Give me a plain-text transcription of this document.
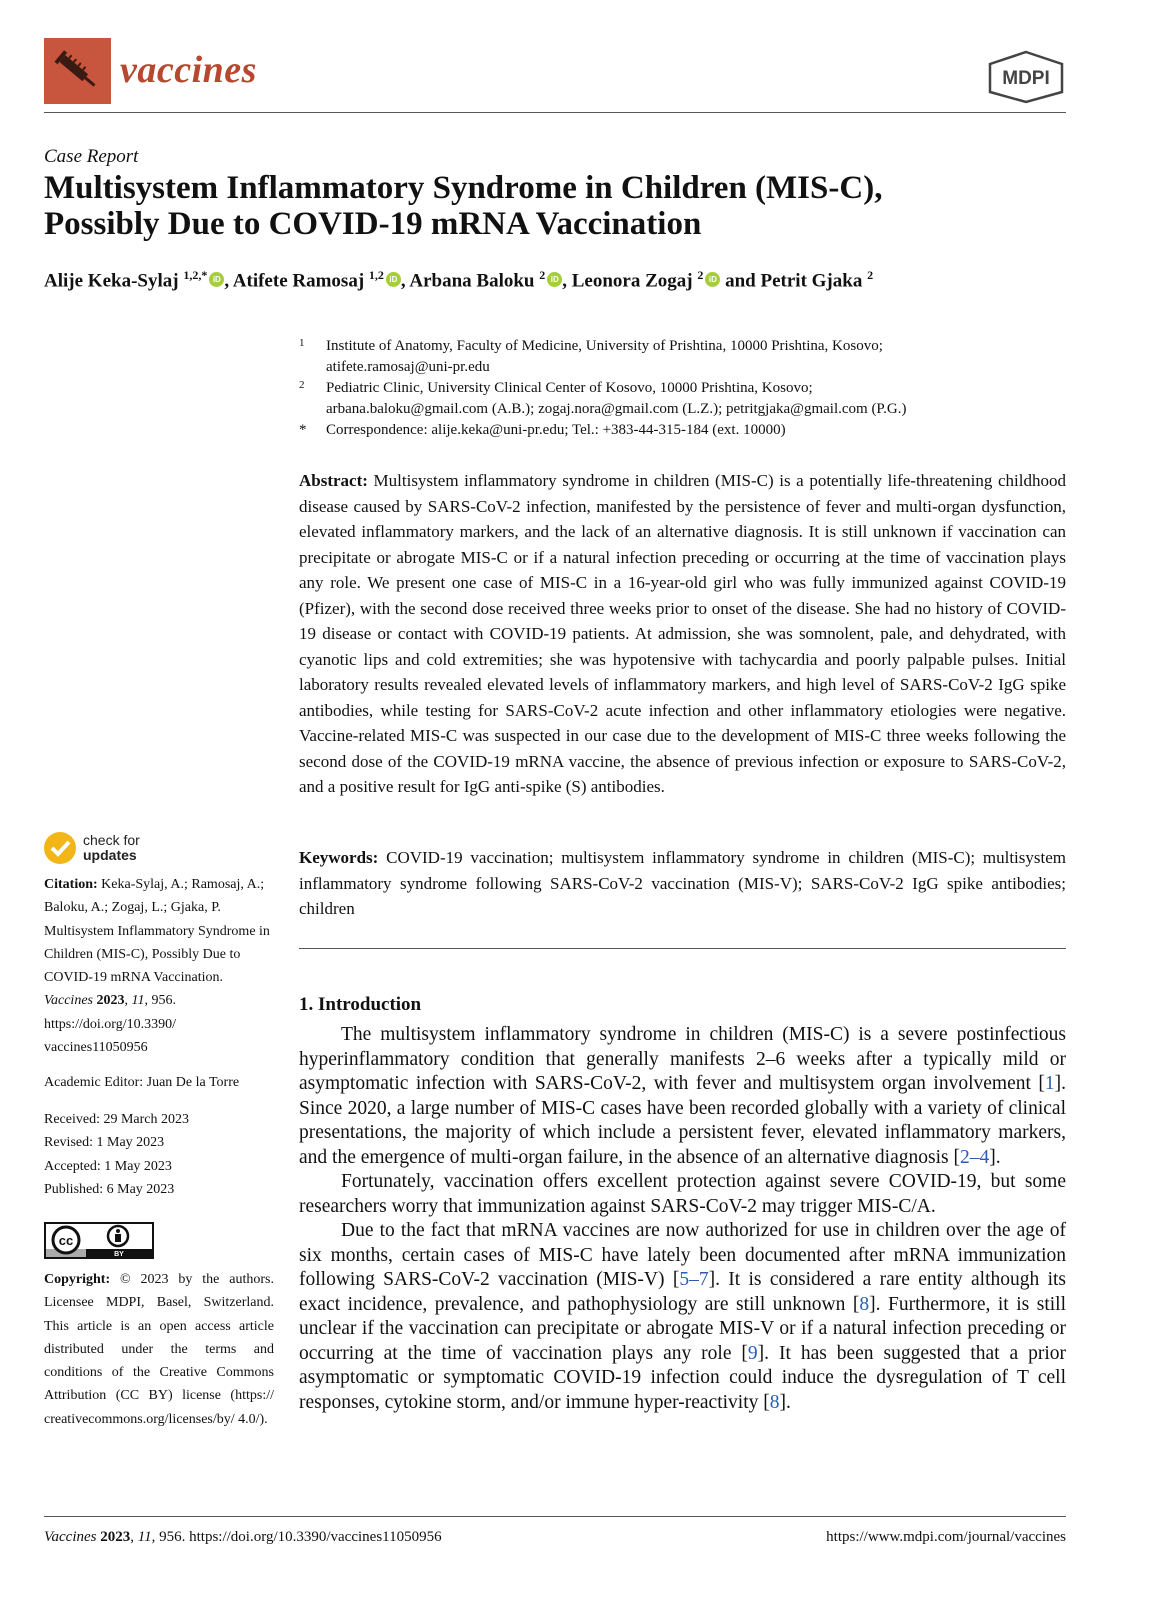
vaccines	MDPI
Case Report
Multisystem Inflammatory Syndrome in Children (MIS-C),
Possibly Due to COVID-19 mRNA Vaccination
Alije Keka-Sylaj $^{1,2,*}$ iD , Atifete Ramosaj $^{1,2}$ iD , Arbana Baloku $^2$ iD , Leonora Zogaj $^2$ iD and Petrit Gjaka $^2$
1 Institute of Anatomy, Faculty of Medicine, University of Prishtina, 10000 Prishtina, Kosovo;
atifete.ramosaj@uni-pr.edu
2 Pediatric Clinic, University Clinical Center of Kosovo, 10000 Prishtina, Kosovo;
arbana.baloku@gmail.com (A.B.); zogaj.nora@gmail.com (L.Z.); petritgjaka@gmail.com (P.G.)
* Correspondence: alije.keka@uni-pr.edu; Tel.: +383-44-315-184 (ext. 10000)
Abstract: Multisystem inflammatory syndrome in children (MIS-C) is a potentially life-threatening childhood disease caused by SARS-CoV-2 infection, manifested by the persistence of fever and multi-organ dysfunction, elevated inflammatory markers, and the lack of an alternative diagnosis. It is still unknown if vaccination can precipitate or abrogate MIS-C or if a natural infection preceding or occurring at the time of vaccination plays any role. We present one case of MIS-C in a 16-year-old girl who was fully immunized against COVID-19 (Pfizer), with the second dose received three weeks prior to onset of the disease. She had no history of COVID-19 disease or contact with COVID-19 patients. At admission, she was somnolent, pale, and dehydrated, with cyanotic lips and cold extremities; she was hypotensive with tachycardia and poorly palpable pulses. Initial laboratory results revealed elevated levels of inflammatory markers, and high level of SARS-CoV-2 IgG spike antibodies, while testing for SARS-CoV-2 acute infection and other inflammatory etiologies were negative. Vaccine-related MIS-C was suspected in our case due to the development of MIS-C three weeks following the second dose of the COVID-19 mRNA vaccine, the absence of previous infection or exposure to SARS-CoV-2, and a positive result for IgG anti-spike (S) antibodies.
Keywords: COVID-19 vaccination; multisystem inflammatory syndrome in children (MIS-C); multisystem inflammatory syndrome following SARS-CoV-2 vaccination (MIS-V); SARS-CoV-2 IgG spike antibodies; children
1. Introduction

The multisystem inflammatory syndrome in children (MIS-C) is a severe postinfectious hyperinflammatory condition that generally manifests 2–6 weeks after a typically mild or asymptomatic infection with SARS-CoV-2, with fever and multisystem organ involvement [1]. Since 2020, a large number of MIS-C cases have been recorded globally with a variety of clinical presentations, the majority of which include a persistent fever, elevated inflammatory markers, and the emergence of multi-organ failure, in the absence of an alternative diagnosis [2–4].

Fortunately, vaccination offers excellent protection against severe COVID-19, but some researchers worry that immunization against SARS-CoV-2 may trigger MIS-C/A.

Due to the fact that mRNA vaccines are now authorized for use in children over the age of six months, certain cases of MIS-C have lately been documented after mRNA immunization following SARS-CoV-2 vaccination (MIS-V) [5–7]. It is considered a rare entity although its exact incidence, prevalence, and pathophysiology are still unknown [8]. Furthermore, it is still unclear if the vaccination can precipitate or abrogate MIS-V or if a natural infection preceding or occurring at the time of vaccination plays any role [9]. It has been suggested that a prior asymptomatic or symptomatic COVID-19 infection could induce the dysregulation of T cell responses, cytokine storm, and/or immune hyper-reactivity [8].

check for
updates
Citation: Keka-Sylaj, A.; Ramosaj, A.; Baloku, A.; Zogaj, L.; Gjaka, P. Multisystem Inflammatory Syndrome in Children (MIS-C), Possibly Due to COVID-19 mRNA Vaccination. Vaccines 2023, 11, 956. https://doi.org/10.3390/ vaccines11050956
Academic Editor: Juan De la Torre
Received: 29 March 2023
Revised: 1 May 2023
Accepted: 1 May 2023
Published: 6 May 2023
cc
BY
Copyright: © 2023 by the authors. Licensee MDPI, Basel, Switzerland. This article is an open access article distributed under the terms and conditions of the Creative Commons Attribution (CC BY) license (https:// creativecommons.org/licenses/by/ 4.0/).
Vaccines 2023, 11, 956. https://doi.org/10.3390/vaccines11050956	https://www.mdpi.com/journal/vaccines
